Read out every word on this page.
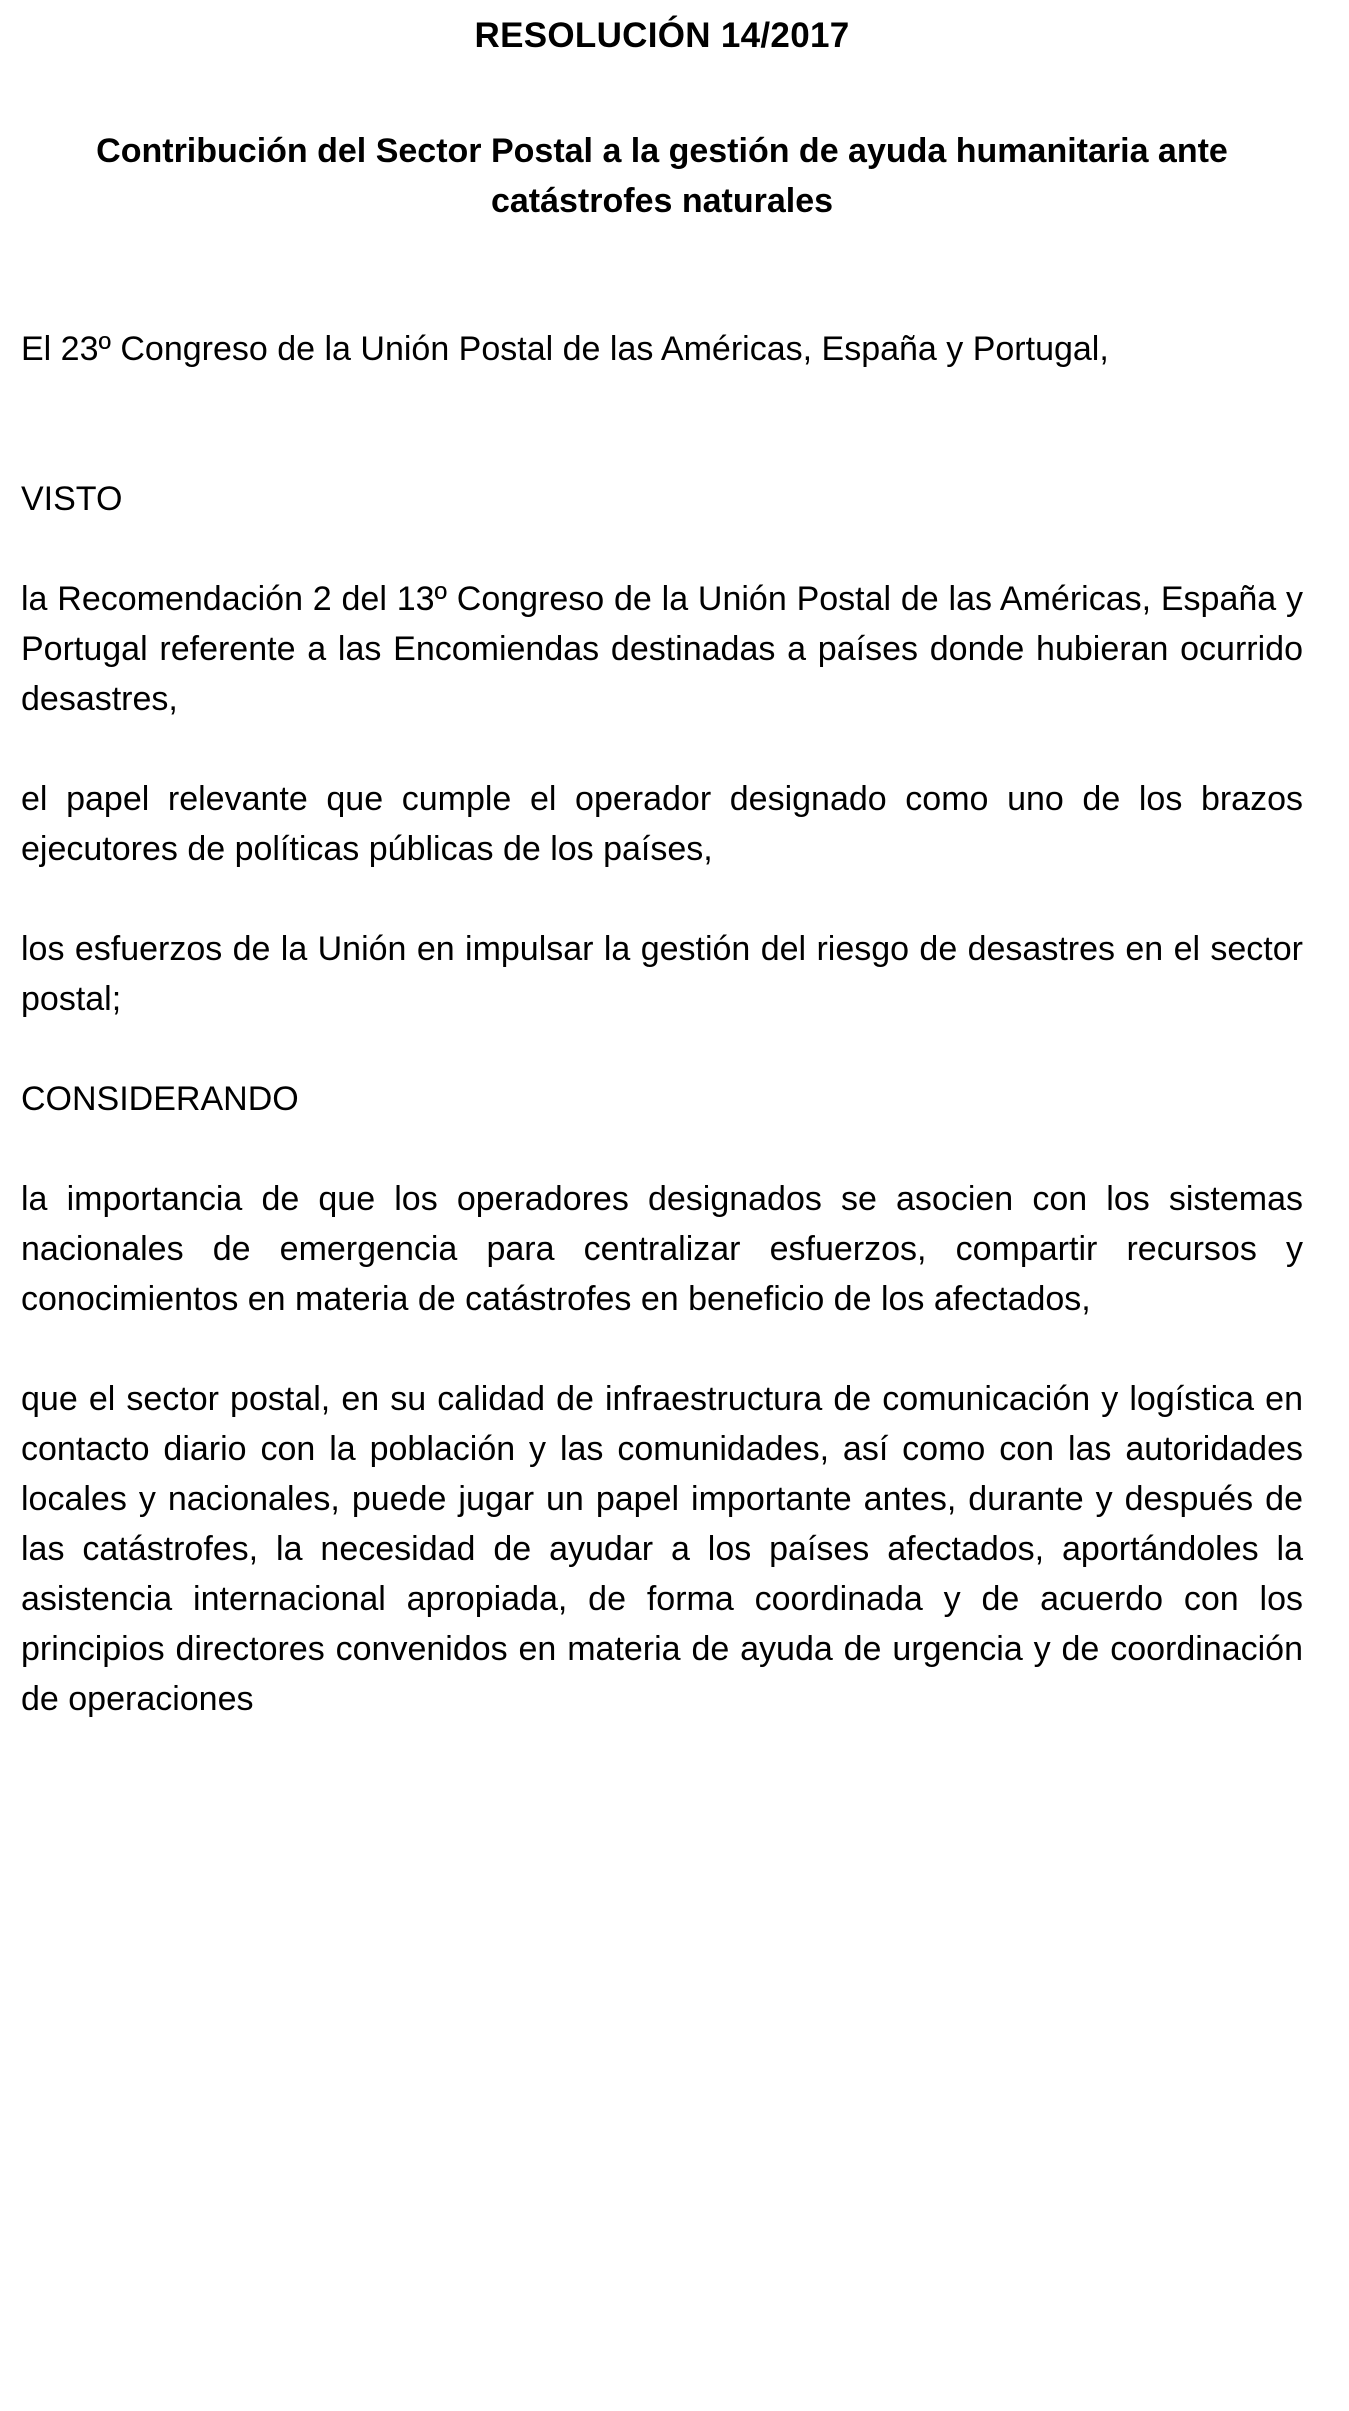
RESOLUCIÓN 14/2017
Contribución del Sector Postal a la gestión de ayuda humanitaria ante catástrofes naturales

El 23º Congreso de la Unión Postal de las Américas, España y Portugal,

VISTO

la Recomendación 2 del 13º Congreso de la Unión Postal de las Américas, España y Portugal referente a las Encomiendas destinadas a países donde hubieran ocurrido desastres,

el papel relevante que cumple el operador designado como uno de los brazos ejecutores de políticas públicas de los países,

los esfuerzos de la Unión en impulsar la gestión del riesgo de desastres en el sector postal;

CONSIDERANDO

la importancia de que los operadores designados se asocien con los sistemas nacionales de emergencia para centralizar esfuerzos, compartir recursos y conocimientos en materia de catástrofes en beneficio de los afectados,

que el sector postal, en su calidad de infraestructura de comunicación y logística en contacto diario con la población y las comunidades, así como con las autoridades locales y nacionales, puede jugar un papel importante antes, durante y después de las catástrofes, la necesidad de ayudar a los países afectados, aportándoles la asistencia internacional apropiada, de forma coordinada y de acuerdo con los principios directores convenidos en materia de ayuda de urgencia y de coordinación de operaciones
